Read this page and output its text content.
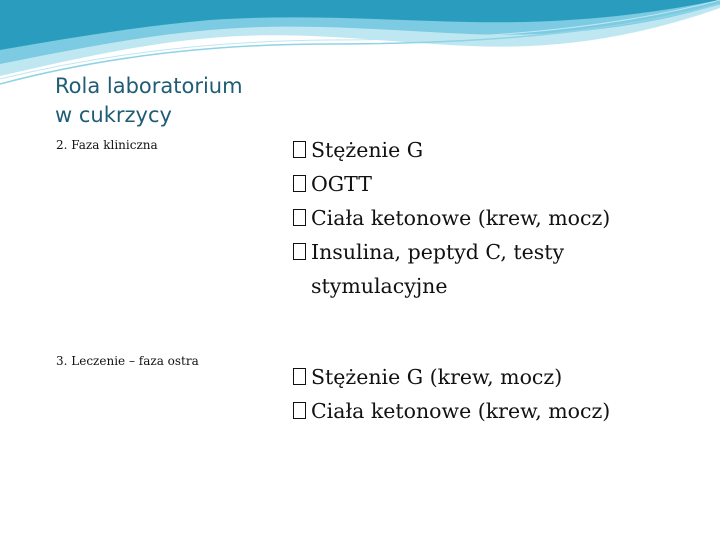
Rola laboratorium
w cukrzycy
2. Faza kliniczna
3. Leczenie – faza ostra
Stężenie G
OGTT
Ciała ketonowe (krew, mocz)
Insulina, peptyd C, testy
stymulacyjne
Stężenie G (krew, mocz)
Ciała ketonowe (krew, mocz)
